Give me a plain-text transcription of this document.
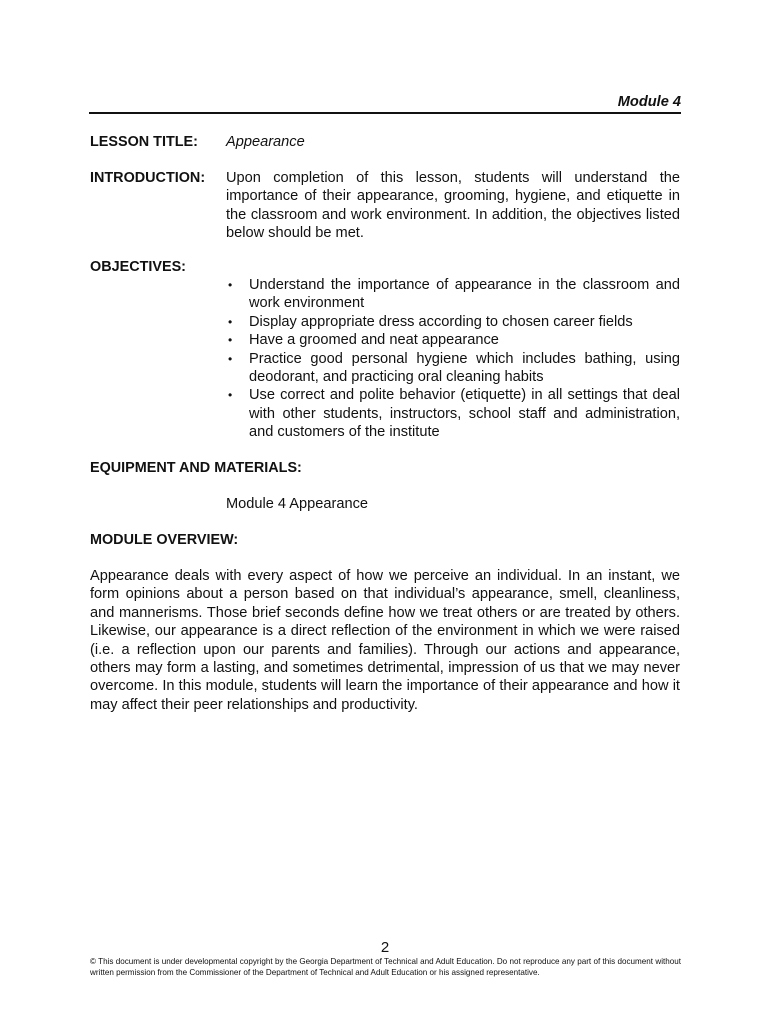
Module 4
LESSON TITLE: Appearance
INTRODUCTION: Upon completion of this lesson, students will understand the importance of their appearance, grooming, hygiene, and etiquette in the classroom and work environment. In addition, the objectives listed below should be met.
OBJECTIVES:
• Understand the importance of appearance in the classroom and work environment
• Display appropriate dress according to chosen career fields
• Have a groomed and neat appearance
• Practice good personal hygiene which includes bathing, using deodorant, and practicing oral cleaning habits
• Use correct and polite behavior (etiquette) in all settings that deal with other students, instructors, school staff and administration, and customers of the institute
EQUIPMENT AND MATERIALS:
Module 4 Appearance
MODULE OVERVIEW:
Appearance deals with every aspect of how we perceive an individual. In an instant, we form opinions about a person based on that individual’s appearance, smell, cleanliness, and mannerisms. Those brief seconds define how we treat others or are treated by others. Likewise, our appearance is a direct reflection of the environment in which we were raised (i.e. a reflection upon our parents and families). Through our actions and appearance, others may form a lasting, and sometimes detrimental, impression of us that we may never overcome. In this module, students will learn the importance of their appearance and how it may affect their peer relationships and productivity.
2
© This document is under developmental copyright by the Georgia Department of Technical and Adult Education. Do not reproduce any part of this document without written permission from the Commissioner of the Department of Technical and Adult Education or his assigned representative.
